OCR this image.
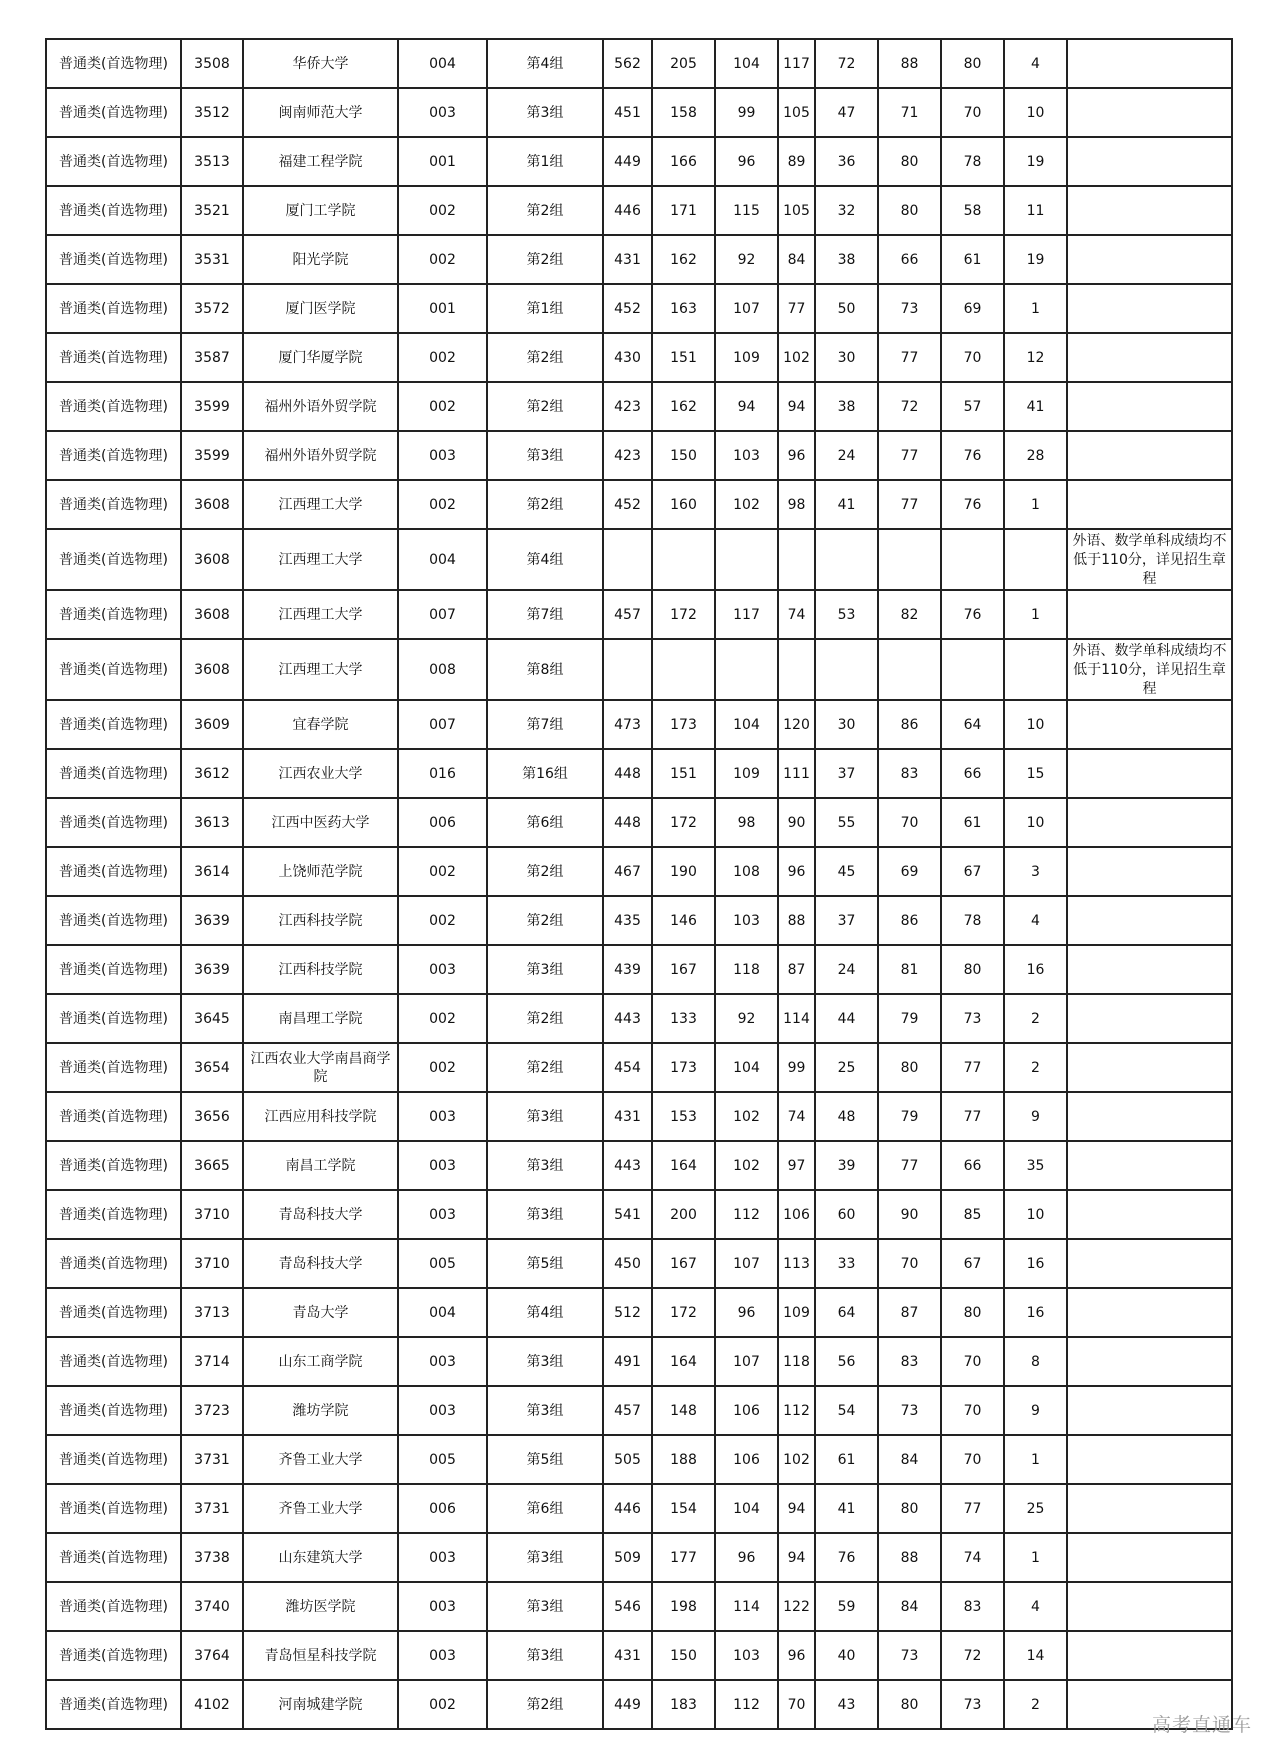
普通类(首选物理)	3508	华侨大学	004	第4组	562	205	104	117	72	88	80	4	
普通类(首选物理)	3512	闽南师范大学	003	第3组	451	158	99	105	47	71	70	10	
普通类(首选物理)	3513	福建工程学院	001	第1组	449	166	96	89	36	80	78	19	
普通类(首选物理)	3521	厦门工学院	002	第2组	446	171	115	105	32	80	58	11	
普通类(首选物理)	3531	阳光学院	002	第2组	431	162	92	84	38	66	61	19	
普通类(首选物理)	3572	厦门医学院	001	第1组	452	163	107	77	50	73	69	1	
普通类(首选物理)	3587	厦门华厦学院	002	第2组	430	151	109	102	30	77	70	12	
普通类(首选物理)	3599	福州外语外贸学院	002	第2组	423	162	94	94	38	72	57	41	
普通类(首选物理)	3599	福州外语外贸学院	003	第3组	423	150	103	96	24	77	76	28	
普通类(首选物理)	3608	江西理工大学	002	第2组	452	160	102	98	41	77	76	1	
普通类(首选物理)	3608	江西理工大学	004	第4组									外语、数学单科成绩均不低于110分，详见招生章程
普通类(首选物理)	3608	江西理工大学	007	第7组	457	172	117	74	53	82	76	1	
普通类(首选物理)	3608	江西理工大学	008	第8组									外语、数学单科成绩均不低于110分，详见招生章程
普通类(首选物理)	3609	宜春学院	007	第7组	473	173	104	120	30	86	64	10	
普通类(首选物理)	3612	江西农业大学	016	第16组	448	151	109	111	37	83	66	15	
普通类(首选物理)	3613	江西中医药大学	006	第6组	448	172	98	90	55	70	61	10	
普通类(首选物理)	3614	上饶师范学院	002	第2组	467	190	108	96	45	69	67	3	
普通类(首选物理)	3639	江西科技学院	002	第2组	435	146	103	88	37	86	78	4	
普通类(首选物理)	3639	江西科技学院	003	第3组	439	167	118	87	24	81	80	16	
普通类(首选物理)	3645	南昌理工学院	002	第2组	443	133	92	114	44	79	73	2	
普通类(首选物理)	3654	江西农业大学南昌商学院	002	第2组	454	173	104	99	25	80	77	2	
普通类(首选物理)	3656	江西应用科技学院	003	第3组	431	153	102	74	48	79	77	9	
普通类(首选物理)	3665	南昌工学院	003	第3组	443	164	102	97	39	77	66	35	
普通类(首选物理)	3710	青岛科技大学	003	第3组	541	200	112	106	60	90	85	10	
普通类(首选物理)	3710	青岛科技大学	005	第5组	450	167	107	113	33	70	67	16	
普通类(首选物理)	3713	青岛大学	004	第4组	512	172	96	109	64	87	80	16	
普通类(首选物理)	3714	山东工商学院	003	第3组	491	164	107	118	56	83	70	8	
普通类(首选物理)	3723	潍坊学院	003	第3组	457	148	106	112	54	73	70	9	
普通类(首选物理)	3731	齐鲁工业大学	005	第5组	505	188	106	102	61	84	70	1	
普通类(首选物理)	3731	齐鲁工业大学	006	第6组	446	154	104	94	41	80	77	25	
普通类(首选物理)	3738	山东建筑大学	003	第3组	509	177	96	94	76	88	74	1	
普通类(首选物理)	3740	潍坊医学院	003	第3组	546	198	114	122	59	84	83	4	
普通类(首选物理)	3764	青岛恒星科技学院	003	第3组	431	150	103	96	40	73	72	14	
普通类(首选物理)	4102	河南城建学院	002	第2组	449	183	112	70	43	80	73	2	
高考直通车
